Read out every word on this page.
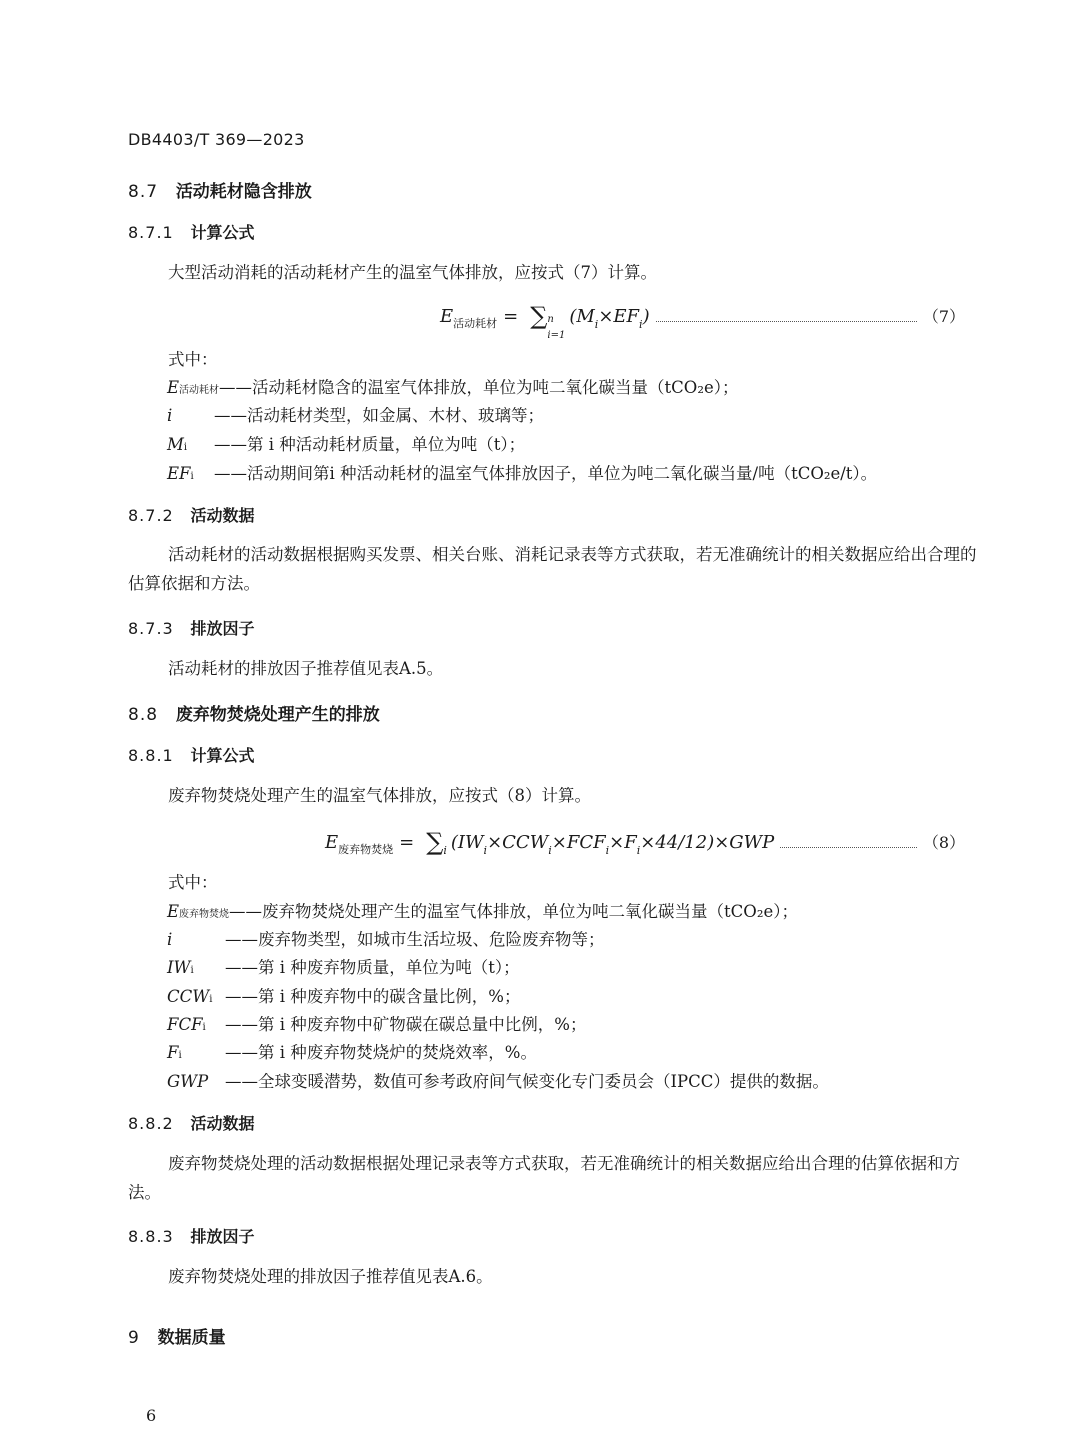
DB4403/T 369—2023
8.7 活动耗材隐含排放
8.7.1 计算公式
大型活动消耗的活动耗材产生的温室气体排放，应按式（7）计算。
E 活动耗材 = ∑ n
i=1
(M i ×EF i )	（7）
式中：
E活动耗材——活动耗材隐含的温室气体排放，单位为吨二氧化碳当量（tCO₂e）；
i	——活动耗材类型，如金属、木材、玻璃等；
Mi ——第 i 种活动耗材质量，单位为吨（t）；
EFi ——活动期间第i 种活动耗材的温室气体排放因子，单位为吨二氧化碳当量/吨（tCO₂e/t）。
8.7.2 活动数据
活动耗材的活动数据根据购买发票、相关台账、消耗记录表等方式获取，若无准确统计的相关数据应给出合理的估算依据和方法。
8.7.3 排放因子
活动耗材的排放因子推荐值见表A.5。
8.8 废弃物焚烧处理产生的排放
8.8.1 计算公式
废弃物焚烧处理产生的温室气体排放，应按式（8）计算。
E 废弃物焚烧 = ∑ i (IW i ×CCW i ×FCF i ×F i ×44/12)×GWP	（8）
式中：
E废弃物焚烧——废弃物焚烧处理产生的温室气体排放，单位为吨二氧化碳当量（tCO₂e）；
i	——废弃物类型，如城市生活垃圾、危险废弃物等；
IWi ——第 i 种废弃物质量，单位为吨（t）；
CCWi ——第 i 种废弃物中的碳含量比例，%；
FCFi ——第 i 种废弃物中矿物碳在碳总量中比例，%；
Fi	——第 i 种废弃物焚烧炉的焚烧效率，%。
GWP ——全球变暖潜势，数值可参考政府间气候变化专门委员会（IPCC）提供的数据。
8.8.2 活动数据
废弃物焚烧处理的活动数据根据处理记录表等方式获取，若无准确统计的相关数据应给出合理的估算依据和方法。
8.8.3 排放因子
废弃物焚烧处理的排放因子推荐值见表A.6。
9 数据质量
6
